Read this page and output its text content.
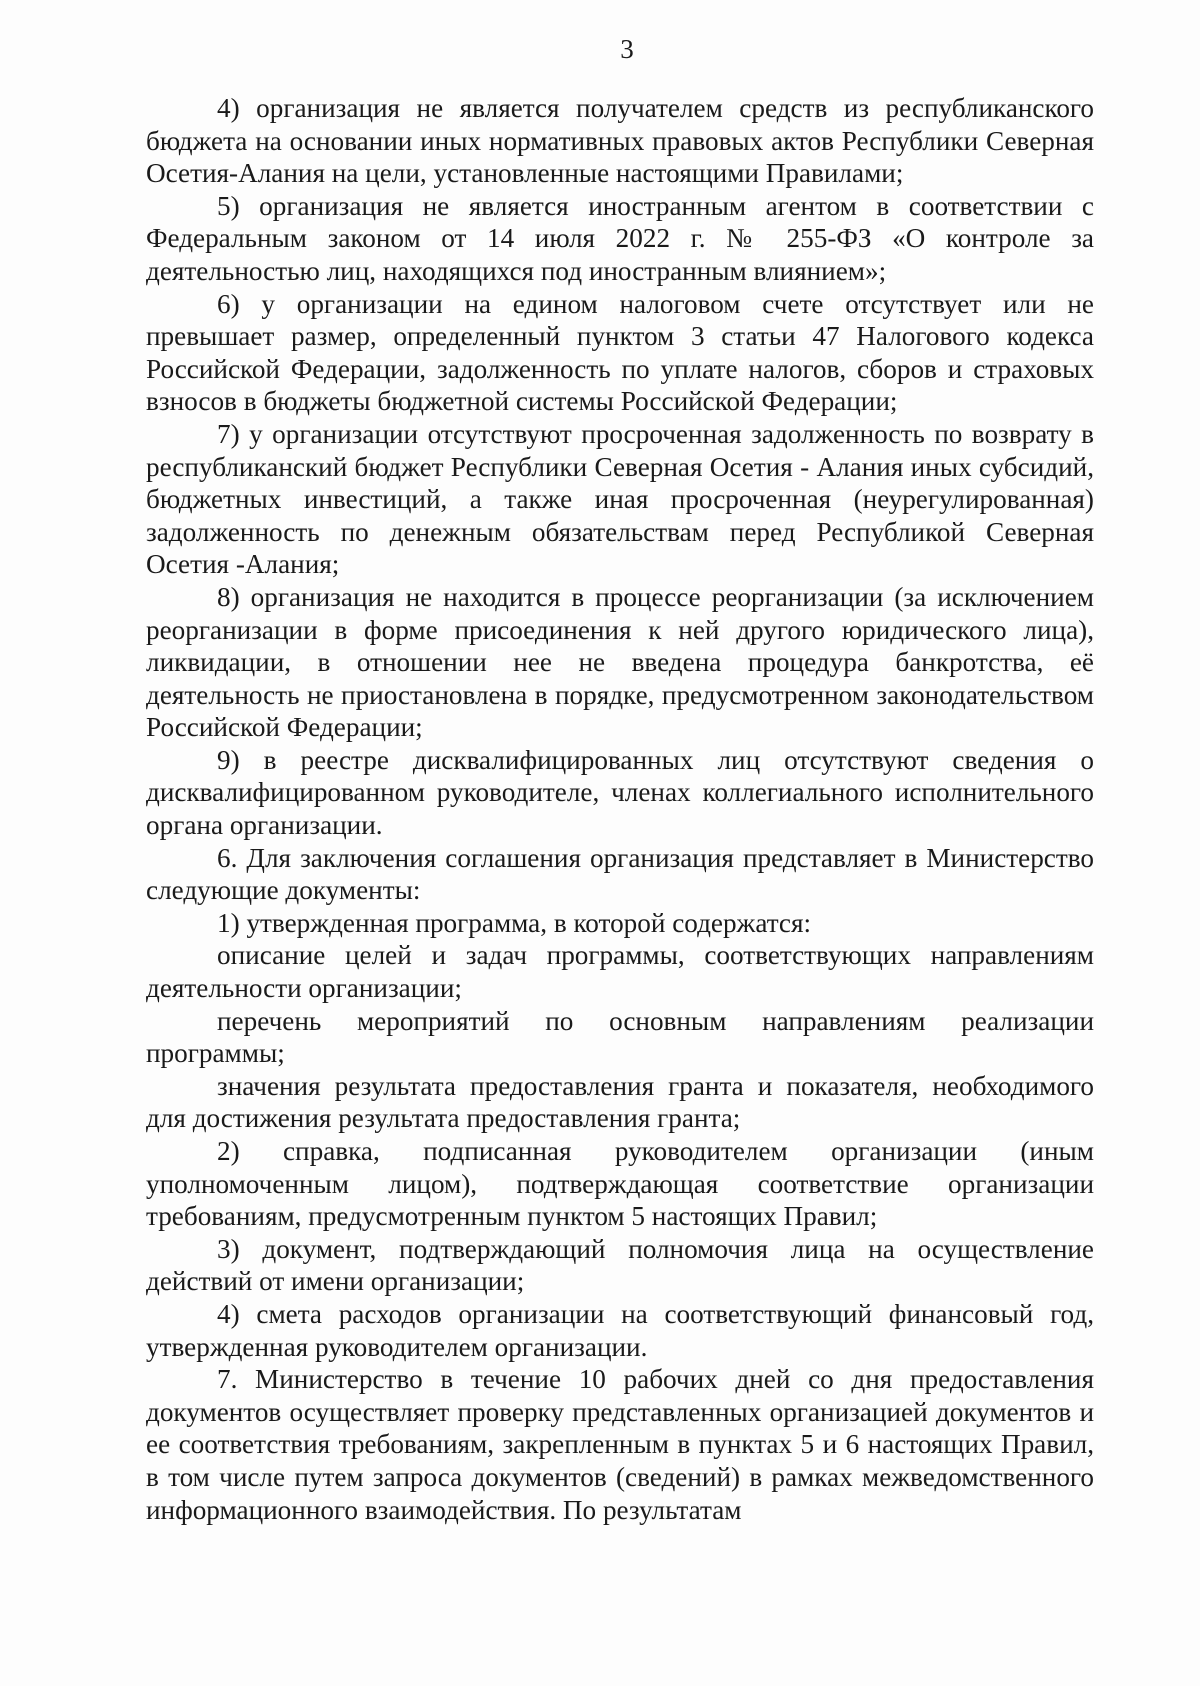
3

4) организация не является получателем средств из республиканского бюджета на основании иных нормативных правовых актов Республики Северная Осетия-Алания на цели, установленные настоящими Правилами;

5) организация не является иностранным агентом в соответствии с Федеральным законом от 14 июля 2022 г. № 255-ФЗ «О контроле за деятельностью лиц, находящихся под иностранным влиянием»;

6) у организации на едином налоговом счете отсутствует или не превышает размер, определенный пунктом 3 статьи 47 Налогового кодекса Российской Федерации, задолженность по уплате налогов, сборов и страховых взносов в бюджеты бюджетной системы Российской Федерации;

7) у организации отсутствуют просроченная задолженность по возврату в республиканский бюджет Республики Северная Осетия - Алания иных субсидий, бюджетных инвестиций, а также иная просроченная (неурегулированная) задолженность по денежным обязательствам перед Республикой Северная Осетия -Алания;

8) организация не находится в процессе реорганизации (за исключением реорганизации в форме присоединения к ней другого юридического лица), ликвидации, в отношении нее не введена процедура банкротства, её деятельность не приостановлена в порядке, предусмотренном законодательством Российской Федерации;

9) в реестре дисквалифицированных лиц отсутствуют сведения о дисквалифицированном руководителе, членах коллегиального исполнительного органа организации.

6. Для заключения соглашения организация представляет в Министерство следующие документы:

1) утвержденная программа, в которой содержатся:

описание целей и задач программы, соответствующих направлениям деятельности организации;

перечень мероприятий по основным направлениям реализации программы;

значения результата предоставления гранта и показателя, необходимого для достижения результата предоставления гранта;

2) справка, подписанная руководителем организации (иным уполномоченным лицом), подтверждающая соответствие организации требованиям, предусмотренным пунктом 5 настоящих Правил;

3) документ, подтверждающий полномочия лица на осуществление действий от имени организации;

4) смета расходов организации на соответствующий финансовый год, утвержденная руководителем организации.

7. Министерство в течение 10 рабочих дней со дня предоставления документов осуществляет проверку представленных организацией документов и ее соответствия требованиям, закрепленным в пунктах 5 и 6 настоящих Правил, в том числе путем запроса документов (сведений) в рамках межведомственного информационного взаимодействия. По результатам
